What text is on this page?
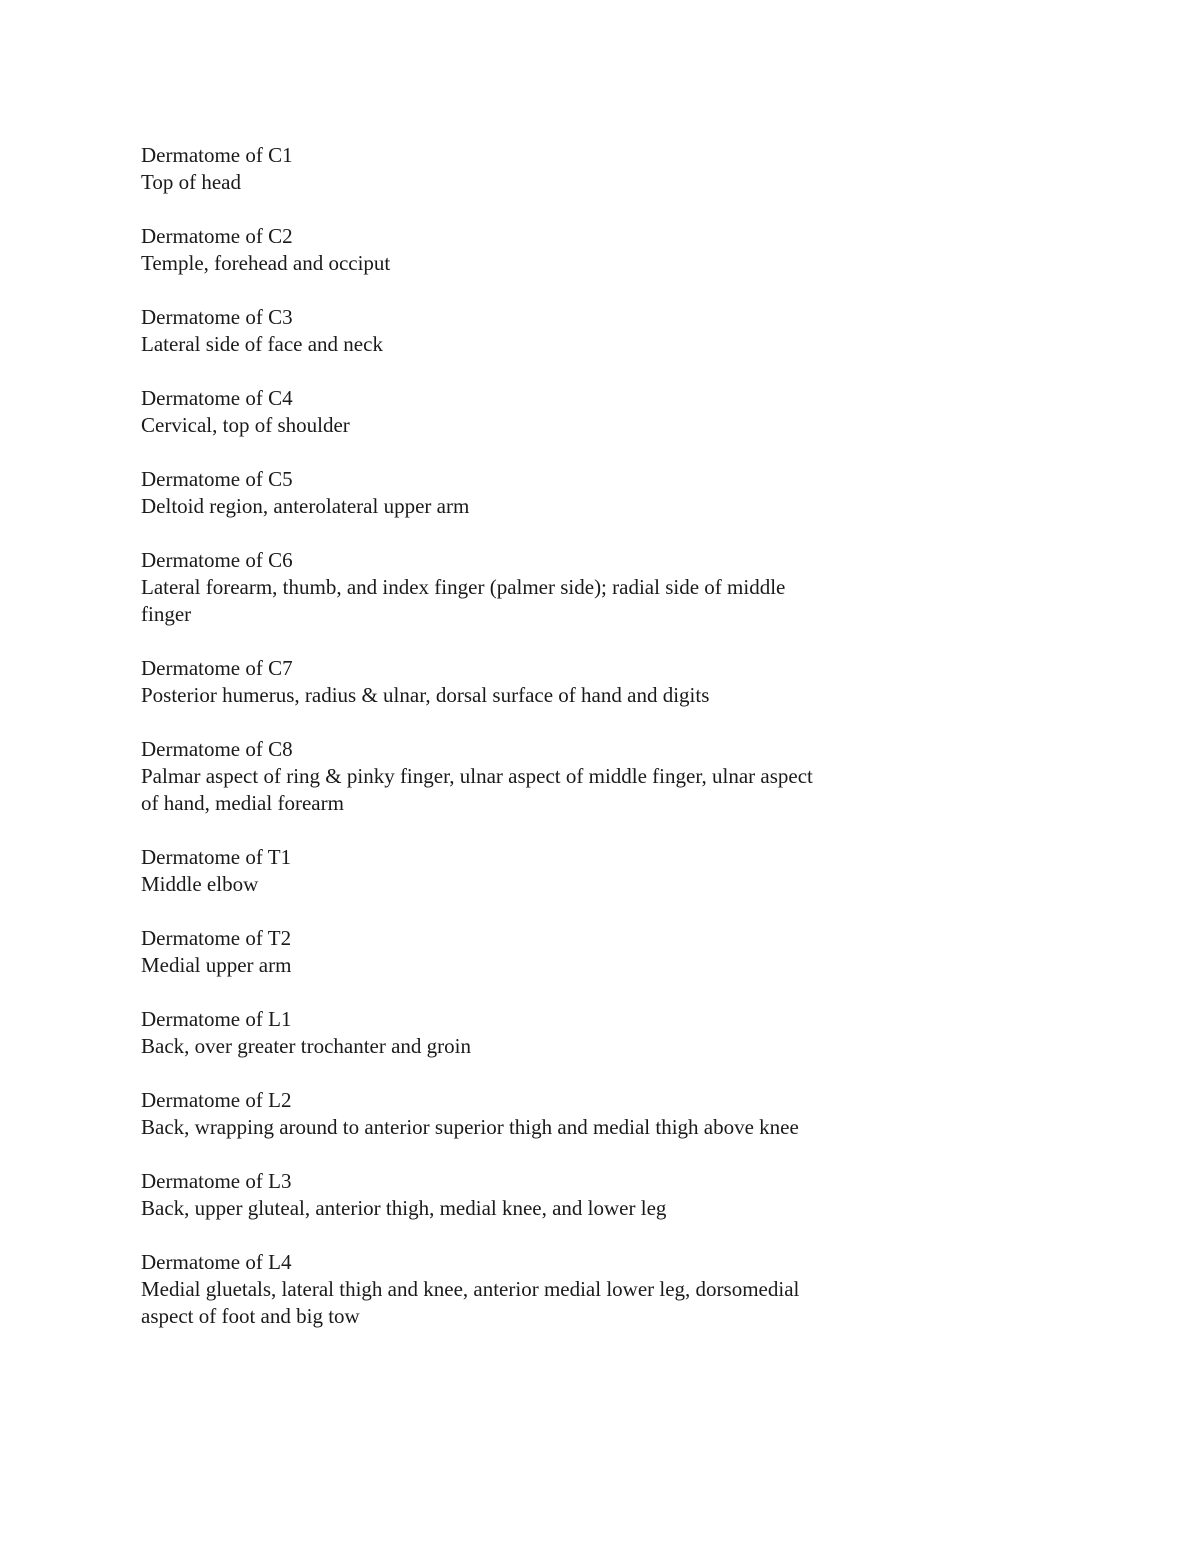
Dermatome of C1
Top of head
Dermatome of C2
Temple, forehead and occiput
Dermatome of C3
Lateral side of face and neck
Dermatome of C4
Cervical, top of shoulder
Dermatome of C5
Deltoid region, anterolateral upper arm
Dermatome of C6
Lateral forearm, thumb, and index finger (palmer side); radial side of middle finger
Dermatome of C7
Posterior humerus, radius & ulnar, dorsal surface of hand and digits
Dermatome of C8
Palmar aspect of ring & pinky finger, ulnar aspect of middle finger, ulnar aspect of hand, medial forearm
Dermatome of T1
Middle elbow
Dermatome of T2
Medial upper arm
Dermatome of L1
Back, over greater trochanter and groin
Dermatome of L2
Back, wrapping around to anterior superior thigh and medial thigh above knee
Dermatome of L3
Back, upper gluteal, anterior thigh, medial knee, and lower leg
Dermatome of L4
Medial gluetals, lateral thigh and knee, anterior medial lower leg, dorsomedial aspect of foot and big tow
